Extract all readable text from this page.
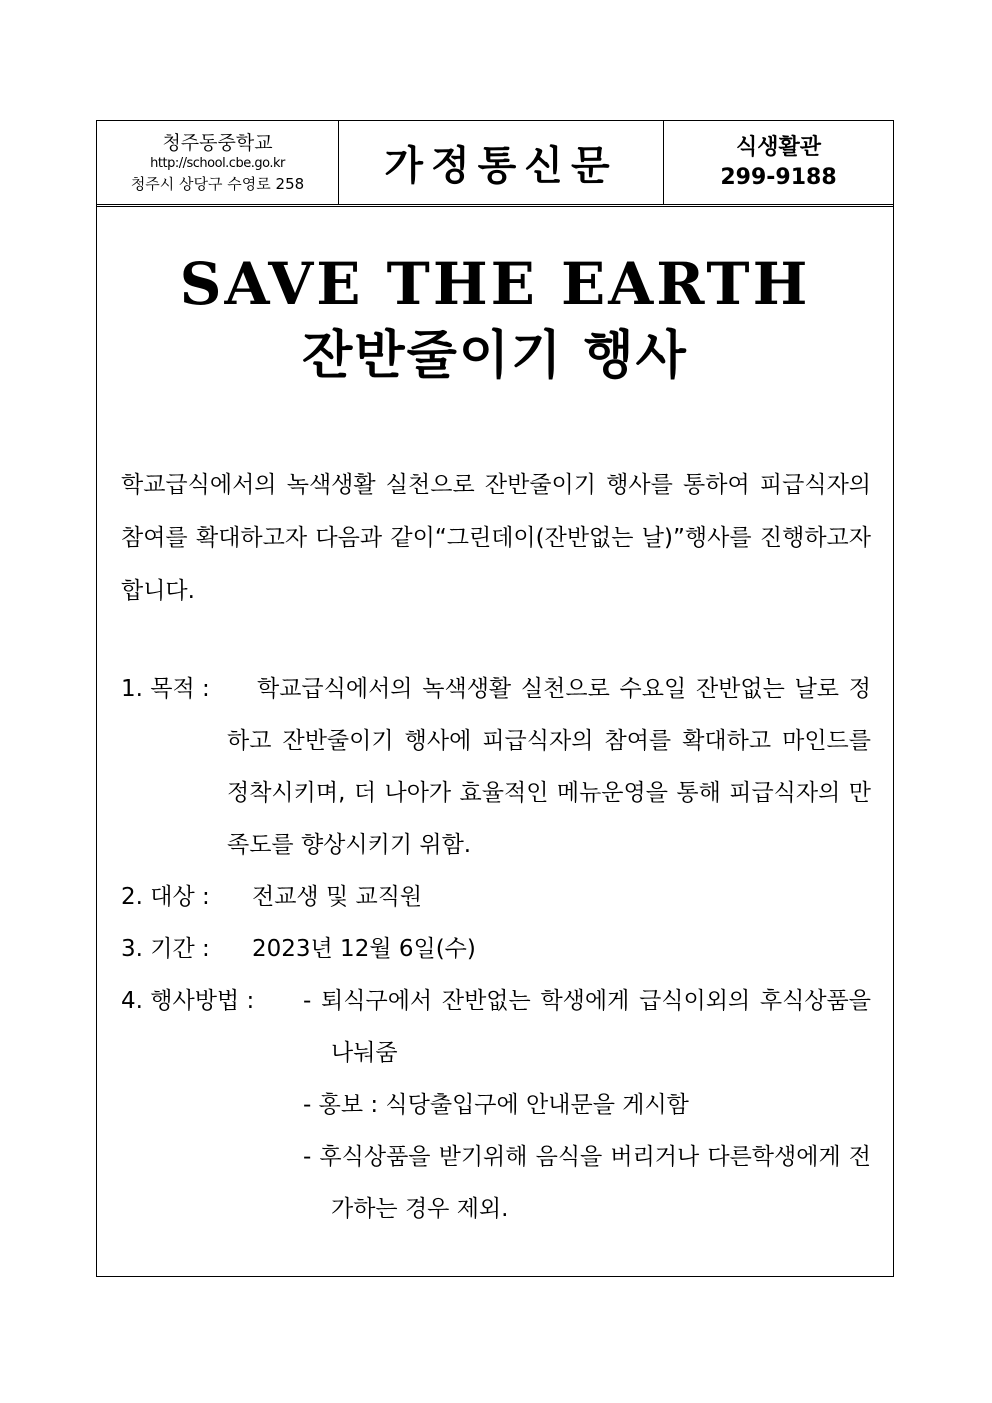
청주동중학교
http://school.cbe.go.kr
청주시 상당구 수영로 258 가정통신문	식생활관
299-9188
SAVE THE EARTH
잔반줄이기 행사
학교급식에서의 녹색생활 실천으로 잔반줄이기 행사를 통하여 피급식자의 참여를 확대하고자 다음과 같이“그린데이(잔반없는 날)”행사를 진행하고자 합니다.
1. 목적 :	학교급식에서의 녹색생활 실천으로 수요일 잔반없는 날로 정하고 잔반줄이기 행사에 피급식자의 참여를 확대하고 마인드를 정착시키며, 더 나아가 효율적인 메뉴운영을 통해 피급식자의 만족도를 향상시키기 위함.
2. 대상 : 전교생 및 교직원
3. 기간 : 2023년 12월 6일(수)
4. 행사방법 : - 퇴식구에서 잔반없는 학생에게 급식이외의 후식상품을 나눠줌
- 홍보 : 식당출입구에 안내문을 게시함
- 후식상품을 받기위해 음식을 버리거나 다른학생에게 전가하는 경우 제외.
